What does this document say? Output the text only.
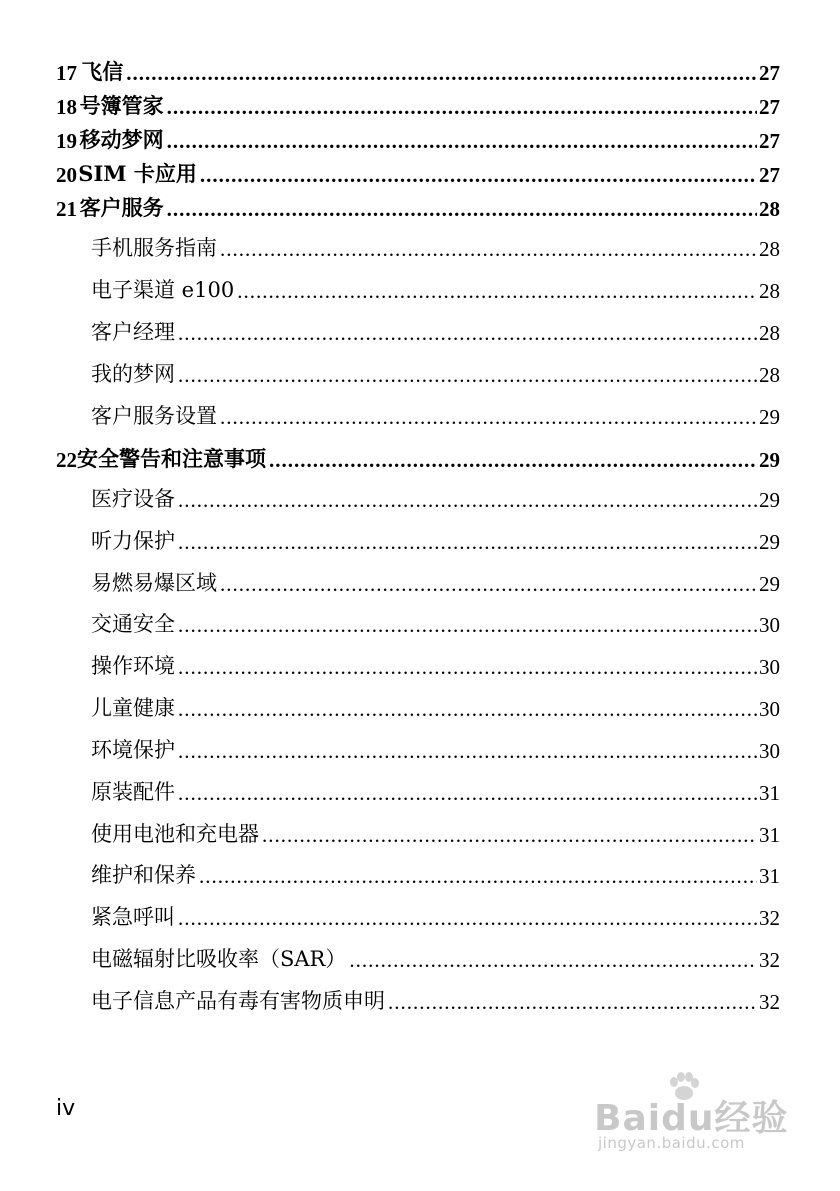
17 飞信 .....	27
18 号簿管家 .....	27
19 移动梦网 .....	27
20 SIM 卡应用 .....	27
21 客户服务 .....	28
手机服务指南 .....	28
电子渠道 e100 .....	28
客户经理 .....	28
我的梦网 .....	28
客户服务设置 .....	29
22 安全警告和注意事项 .....	29
医疗设备 .....	29
听力保护 .....	29
易燃易爆区域 .....	29
交通安全 .....	30
操作环境 .....	30
儿童健康 .....	30
环境保护 .....	30
原装配件 .....	31
使用电池和充电器 .....	31
维护和保养 .....	31
紧急呼叫 .....	32
电磁辐射比吸收率（SAR） .....	32
电子信息产品有毒有害物质申明 .....	32
iv	Baidu经验
jingyan.baidu.com
